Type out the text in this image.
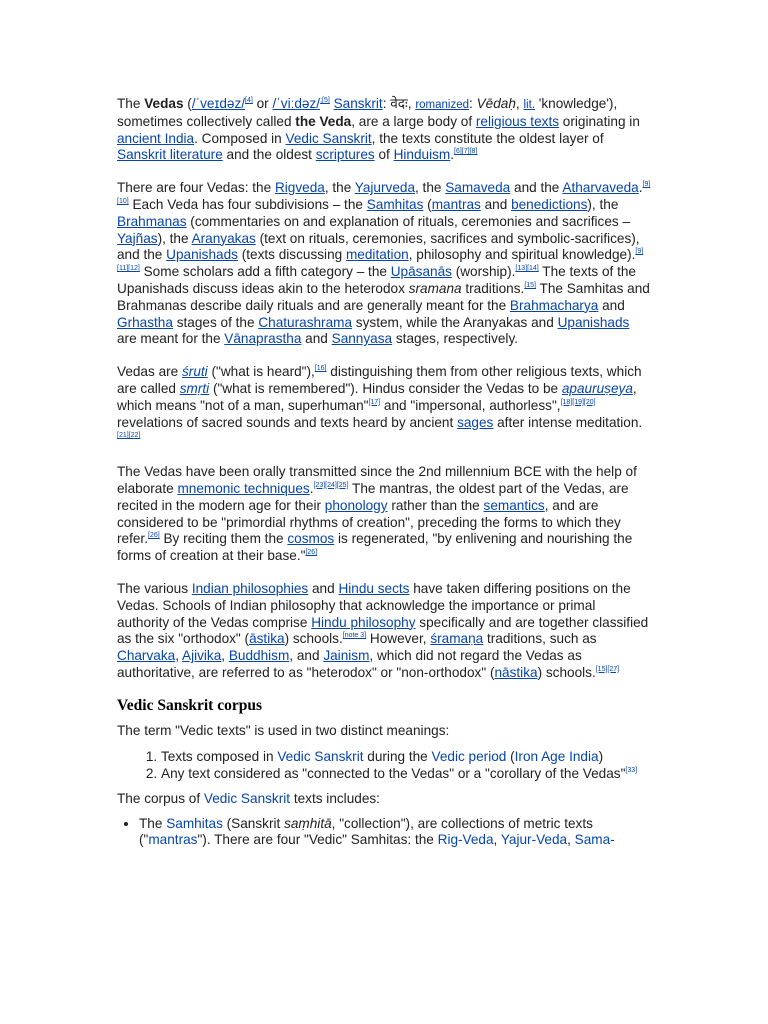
The Vedas (/ˈveɪdəz/[4] or /ˈviːdəz/$^{;[5]}$ Sanskrit: वेदः, romanized: Vēdaḥ, lit. 'knowledge'), sometimes collectively called the Veda, are a large body of religious texts originating in ancient India. Composed in Vedic Sanskrit, the texts constitute the oldest layer of Sanskrit literature and the oldest scriptures of Hinduism.[6][7][8]

There are four Vedas: the Rigveda, the Yajurveda, the Samaveda and the Atharvaveda.[9][10] Each Veda has four subdivisions – the Samhitas (mantras and benedictions), the Brahmanas (commentaries on and explanation of rituals, ceremonies and sacrifices – Yajñas), the Aranyakas (text on rituals, ceremonies, sacrifices and symbolic-sacrifices), and the Upanishads (texts discussing meditation, philosophy and spiritual knowledge).[9][11][12] Some scholars add a fifth category – the Upāsanās (worship).[13][14] The texts of the Upanishads discuss ideas akin to the heterodox sramana traditions.[15] The Samhitas and Brahmanas describe daily rituals and are generally meant for the Brahmacharya and Grhastha stages of the Chaturashrama system, while the Aranyakas and Upanishads are meant for the Vānaprastha and Sannyasa stages, respectively.

Vedas are śruti ("what is heard"),[16] distinguishing them from other religious texts, which are called smṛti ("what is remembered"). Hindus consider the Vedas to be apauruṣeya, which means "not of a man, superhuman"[17] and "impersonal, authorless",[18][19][20] revelations of sacred sounds and texts heard by ancient sages after intense meditation.[21][22]

The Vedas have been orally transmitted since the 2nd millennium BCE with the help of elaborate mnemonic techniques.[23][24][25] The mantras, the oldest part of the Vedas, are recited in the modern age for their phonology rather than the semantics, and are considered to be "primordial rhythms of creation", preceding the forms to which they refer.[26] By reciting them the cosmos is regenerated, "by enlivening and nourishing the forms of creation at their base."[26]

The various Indian philosophies and Hindu sects have taken differing positions on the Vedas. Schools of Indian philosophy that acknowledge the importance or primal authority of the Vedas comprise Hindu philosophy specifically and are together classified as the six "orthodox" (āstika) schools.[note 3] However, śramaṇa traditions, such as Charvaka, Ajivika, Buddhism, and Jainism, which did not regard the Vedas as authoritative, are referred to as "heterodox" or "non-orthodox" (nāstika) schools.[15][27]

Vedic Sanskrit corpus

The term "Vedic texts" is used in two distinct meanings:

1. Texts composed in Vedic Sanskrit during the Vedic period (Iron Age India)
2. Any text considered as "connected to the Vedas" or a "corollary of the Vedas"[33]

The corpus of Vedic Sanskrit texts includes:

• The Samhitas (Sanskrit saṃhitā, "collection"), are collections of metric texts ("mantras"). There are four "Vedic" Samhitas: the Rig-Veda, Yajur-Veda, Sama-
